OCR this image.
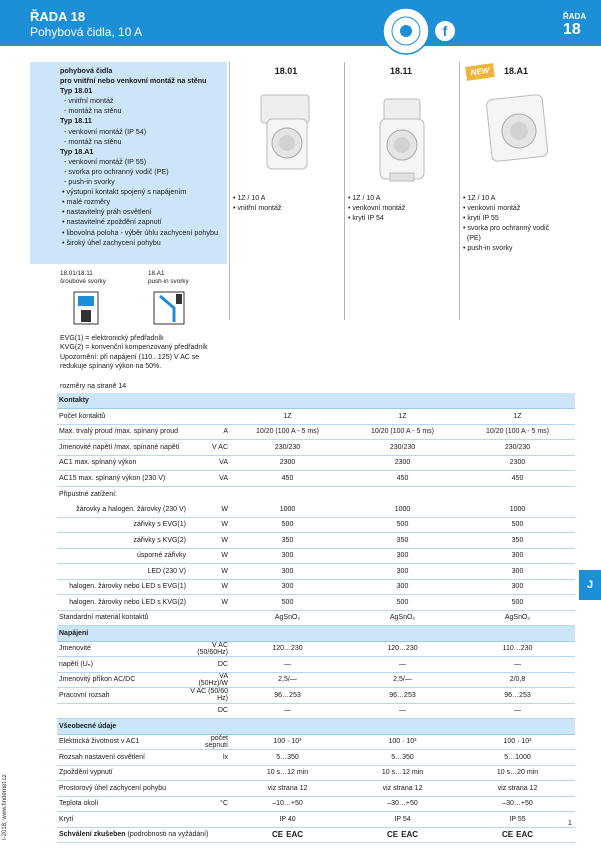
ŘADA 18
Pohybová čidla, 10 A	f finder
ŘADA
18
pohybová čidla
pro vnitřní nebo venkovní montáž na stěnu
Typ 18.01
- vnitřní montáž
- montáž na stěnu
Typ 18.11
- venkovní montáž (IP 54)
- montáž na stěnu
Typ 18.A1
- venkovní montáž (IP 55)
- svorka pro ochranný vodič (PE)
- push-in svorky
• výstupní kontakt spojený s napájením
• malé rozměry
• nastavitelný práh osvětlení
• nastavitelné zpoždění zapnutí
• libovolná poloha - výběr úhlu zachycení pohybu
• široký úhel zachycení pohybu
18.01
• 1Z / 10 A
• vnitřní montáž
18.11
• 1Z / 10 A
• venkovní montáž
• krytí IP 54
NEW	18.A1
• 1Z / 10 A
• venkovní montáž
• krytí IP 55
• svorka pro ochranný vodič
(PE)
• push-in svorky
18.01/18.11
šroubové svorky
18.A1
push-in svorky
EVG(1) = elektronický předřadník
KVG(2) = konvenční kompenzovaný předřadník
Upozornění: při napájení (110...125) V AC se
redukuje spínaný výkon na 50%.
rozměry na straně 14
Kontakty				
Počet kontaktů		1Z	1Z	1Z
Max. trvalý proud /max. spínaný proud	A	10/20 (100 A - 5 ms)	10/20 (100 A - 5 ms)	10/20 (100 A - 5 ms)
Jmenovité napětí /max. spínané napětí	V AC	230/230	230/230	230/230
AC1 max. spínaný výkon	VA	2300	2300	2300
AC15 max. spínaný výkon (230 V)	VA	450	450	450
Připustné zatížení:				
žárovky a halogen. žárovky (230 V)	W	1000	1000	1000
zářivky s EVG(1)	W	500	500	500
zářivky s KVG(2)	W	350	350	350
úsporné zářivky	W	300	300	300
LED (230 V)	W	300	300	300
halogen. žárovky nebo LED s EVG(1)	W	300	300	300
halogen. žárovky nebo LED s KVG(2)	W	500	500	500
Standardní materiál kontaktů		AgSnO₂	AgSnO₂	AgSnO₂
Napájení				
Jmenovité	V AC (50/60Hz)	120…230	120…230	110…230
napětí (Uₙ)	DC	—	—	—
Jmenovitý příkon AC/DC	VA (50Hz)/W	2,5/—	2,5/—	2/0,8
Pracovní rozsah	V AC (50/60 Hz)	96…253	96…253	96…253
	DC	—	—	—
Všeobecné údaje				
Elektrická životnost v AC1	počet sepnutí	100 · 10³	100 · 10³	100 · 10³
Rozsah nastavení osvětlení	lx	5…350	5…350	5…1000
Zpoždění vypnutí		10 s…12 min	10 s…12 min	10 s…20 min
Prostorový úhel zachycení pohybu		viz strana 12	viz strana 12	viz strana 12
Teplota okolí	°C	–10…+50	–30…+50	–30…+50
Krytí		IP 40	IP 54	IP 55
Schválení zkušeben (podrobnosti na vyžádání)		CE EAC	CE EAC	CE EAC
J
I-2018, www.findernet.cz	1
